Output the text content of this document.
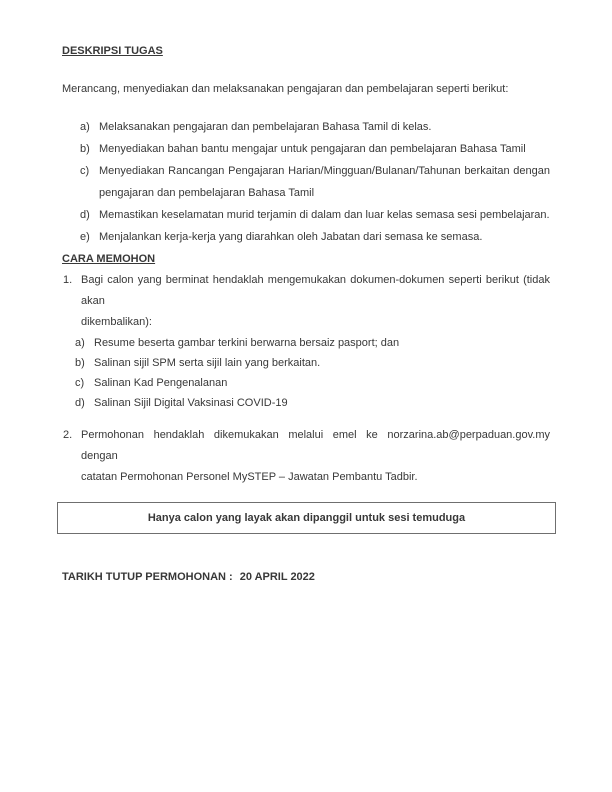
DESKRIPSI TUGAS

Merancang, menyediakan dan melaksanakan pengajaran dan pembelajaran seperti berikut:

a) Melaksanakan pengajaran dan pembelajaran Bahasa Tamil di kelas.
b) Menyediakan bahan bantu mengajar untuk pengajaran dan pembelajaran Bahasa Tamil
c) Menyediakan Rancangan Pengajaran Harian/Mingguan/Bulanan/Tahunan berkaitan dengan
pengajaran dan pembelajaran Bahasa Tamil
d) Memastikan keselamatan murid terjamin di dalam dan luar kelas semasa sesi pembelajaran.
e) Menjalankan kerja-kerja yang diarahkan oleh Jabatan dari semasa ke semasa.
CARA MEMOHON
1. Bagi calon yang berminat hendaklah mengemukakan dokumen-dokumen seperti berikut (tidak akan
dikembalikan):
a) Resume beserta gambar terkini berwarna bersaiz pasport; dan
b) Salinan sijil SPM serta sijil lain yang berkaitan.
c) Salinan Kad Pengenalanan
d) Salinan Sijil Digital Vaksinasi COVID-19
2. Permohonan hendaklah dikemukakan melalui emel ke norzarina.ab@perpaduan.gov.my dengan
catatan Permohonan Personel MySTEP – Jawatan Pembantu Tadbir.
Hanya calon yang layak akan dipanggil untuk sesi temuduga
TARIKH TUTUP PERMOHONAN : 20 APRIL 2022
